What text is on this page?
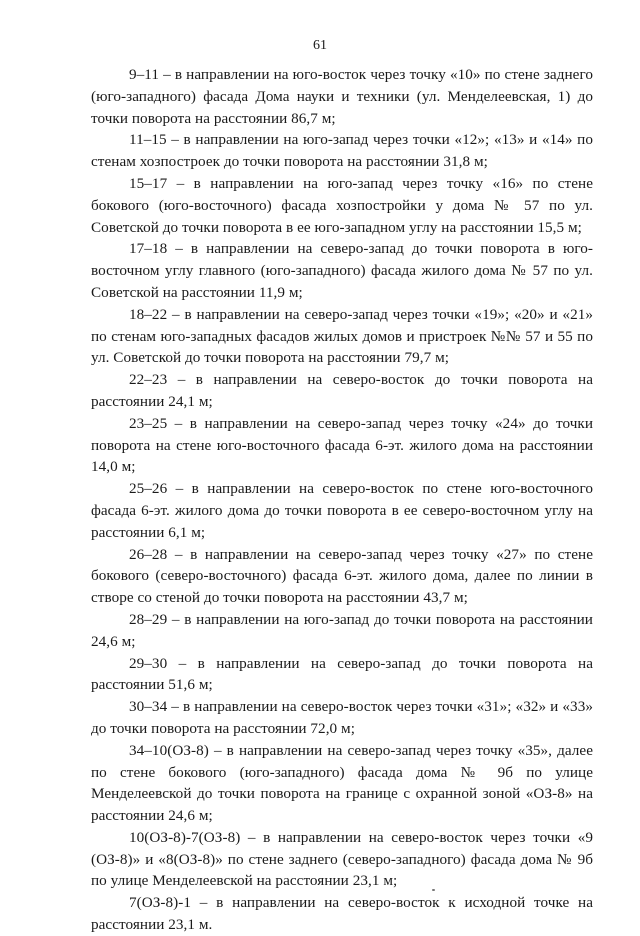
61

9–11 – в направлении на юго-восток через точку «10» по стене заднего (юго-западного) фасада Дома науки и техники (ул. Менделеевская, 1) до точки поворота на расстоянии 86,7 м;

11–15 – в направлении на юго-запад через точки «12»; «13» и «14» по стенам хозпостроек до точки поворота на расстоянии 31,8 м;

15–17 – в направлении на юго-запад через точку «16» по стене бокового (юго-восточного) фасада хозпостройки у дома № 57 по ул. Советской до точки поворота в ее юго-западном углу на расстоянии 15,5 м;

17–18 – в направлении на северо-запад до точки поворота в юго-восточном углу главного (юго-западного) фасада жилого дома № 57 по ул. Советской на расстоянии 11,9 м;

18–22 – в направлении на северо-запад через точки «19»; «20» и «21» по стенам юго-западных фасадов жилых домов и пристроек №№ 57 и 55 по ул. Советской до точки поворота на расстоянии 79,7 м;

22–23 – в направлении на северо-восток до точки поворота на расстоянии 24,1 м;

23–25 – в направлении на северо-запад через точку «24» до точки поворота на стене юго-восточного фасада 6-эт. жилого дома на расстоянии 14,0 м;

25–26 – в направлении на северо-восток по стене юго-восточного фасада 6-эт. жилого дома до точки поворота в ее северо-восточном углу на расстоянии 6,1 м;

26–28 – в направлении на северо-запад через точку «27» по стене бокового (северо-восточного) фасада 6-эт. жилого дома, далее по линии в створе со стеной до точки поворота на расстоянии 43,7 м;

28–29 – в направлении на юго-запад до точки поворота на расстоянии 24,6 м;

29–30 – в направлении на северо-запад до точки поворота на расстоянии 51,6 м;

30–34 – в направлении на северо-восток через точки «31»; «32» и «33» до точки поворота на расстоянии 72,0 м;

34–10(ОЗ-8) – в направлении на северо-запад через точку «35», далее по стене бокового (юго-западного) фасада дома № 9б по улице Менделеевской до точки поворота на границе с охранной зоной «ОЗ-8» на расстоянии 24,6 м;

10(ОЗ-8)-7(ОЗ-8) – в направлении на северо-восток через точки «9 (ОЗ-8)» и «8(ОЗ-8)» по стене заднего (северо-западного) фасада дома № 9б по улице Менделеевской на расстоянии 23,1 м;

7(ОЗ-8)-1 – в направлении на северо-восток к исходной точке на расстоянии 23,1 м.
